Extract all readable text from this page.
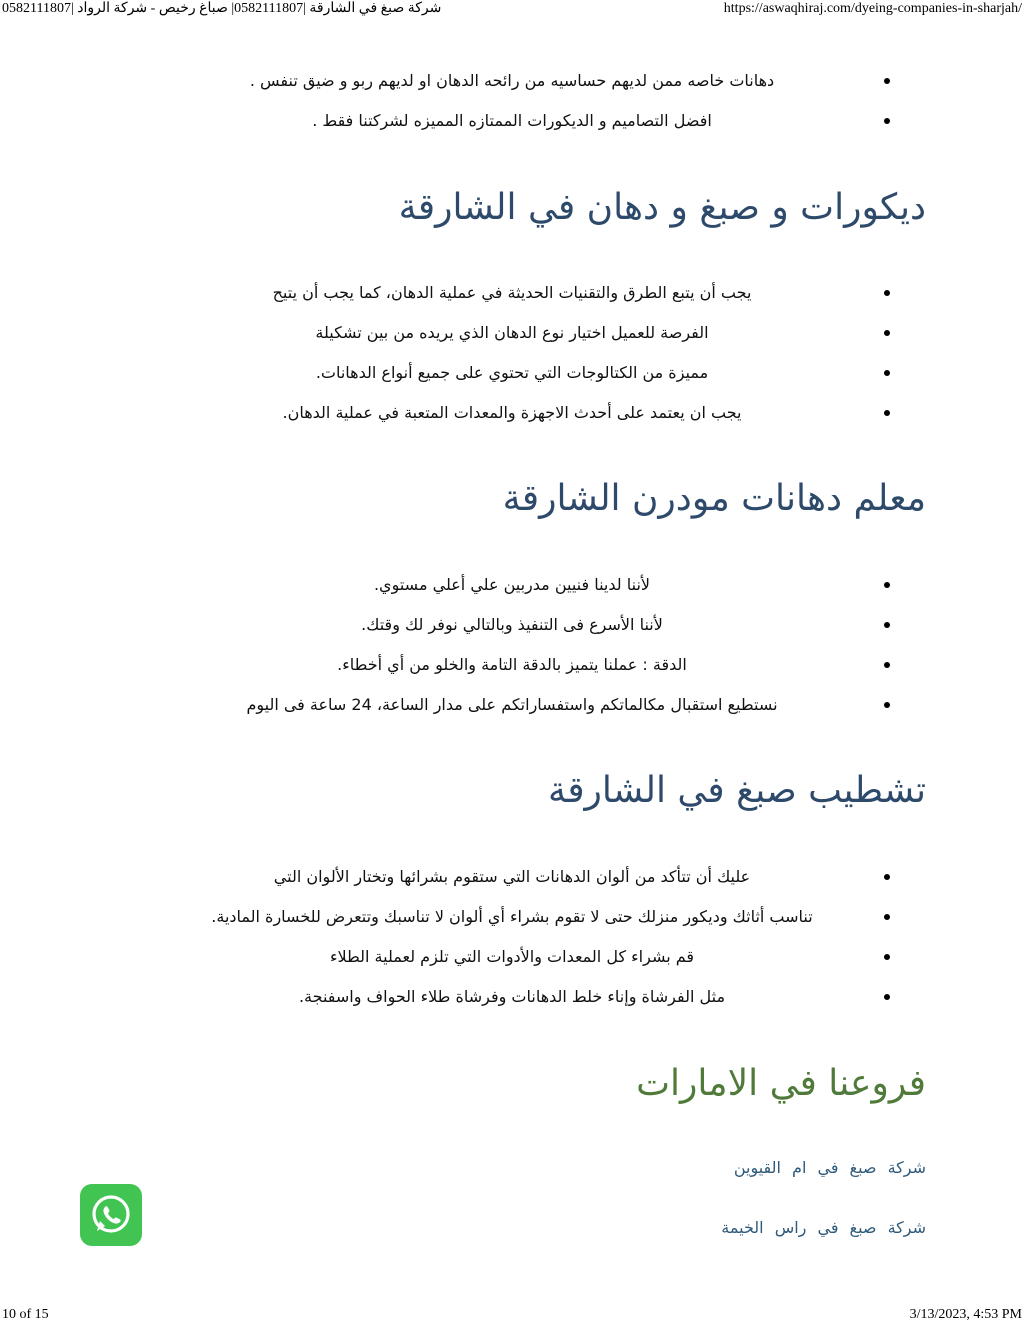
شركة صبغ في الشارقة |0582111807| صباغ رخيص - شركة الرواد |0582111807	https://aswaqhiraj.com/dyeing-companies-in-sharjah/
دهانات خاصه ممن لديهم حساسيه من رائحه الدهان او لديهم ربو و ضيق تنفس .
افضل التصاميم و الديكورات الممتازه المميزه لشركتنا فقط .
ديكورات و صبغ و دهان في الشارقة
يجب أن يتبع الطرق والتقنيات الحديثة في عملية الدهان، كما يجب أن يتيح
الفرصة للعميل اختيار نوع الدهان الذي يريده من بين تشكيلة
مميزة من الكتالوجات التي تحتوي على جميع أنواع الدهانات.
يجب ان يعتمد على أحدث الاجهزة والمعدات المتعبة في عملية الدهان.
معلم دهانات مودرن الشارقة
لأننا لدينا فنيين مدربين علي أعلي مستوي.
لأننا الأسرع فى التنفيذ وبالتالي نوفر لك وقتك.
الدقة : عملنا يتميز بالدقة التامة والخلو من أي أخطاء.
نستطيع استقبال مكالماتكم واستفساراتكم على مدار الساعة، 24 ساعة فى اليوم
تشطيب صبغ في الشارقة
عليك أن تتأكد من ألوان الدهانات التي ستقوم بشرائها وتختار الألوان التي
تناسب أثاثك وديكور منزلك حتى لا تقوم بشراء أي ألوان لا تناسبك وتتعرض للخسارة المادية.
قم بشراء كل المعدات والأدوات التي تلزم لعملية الطلاء
مثل الفرشاة وإناء خلط الدهانات وفرشاة طلاء الحواف واسفنجة.
فروعنا في الامارات
شركة صبغ في ام القيوين
شركة صبغ في راس الخيمة
10 of 15	3/13/2023, 4:53 PM
